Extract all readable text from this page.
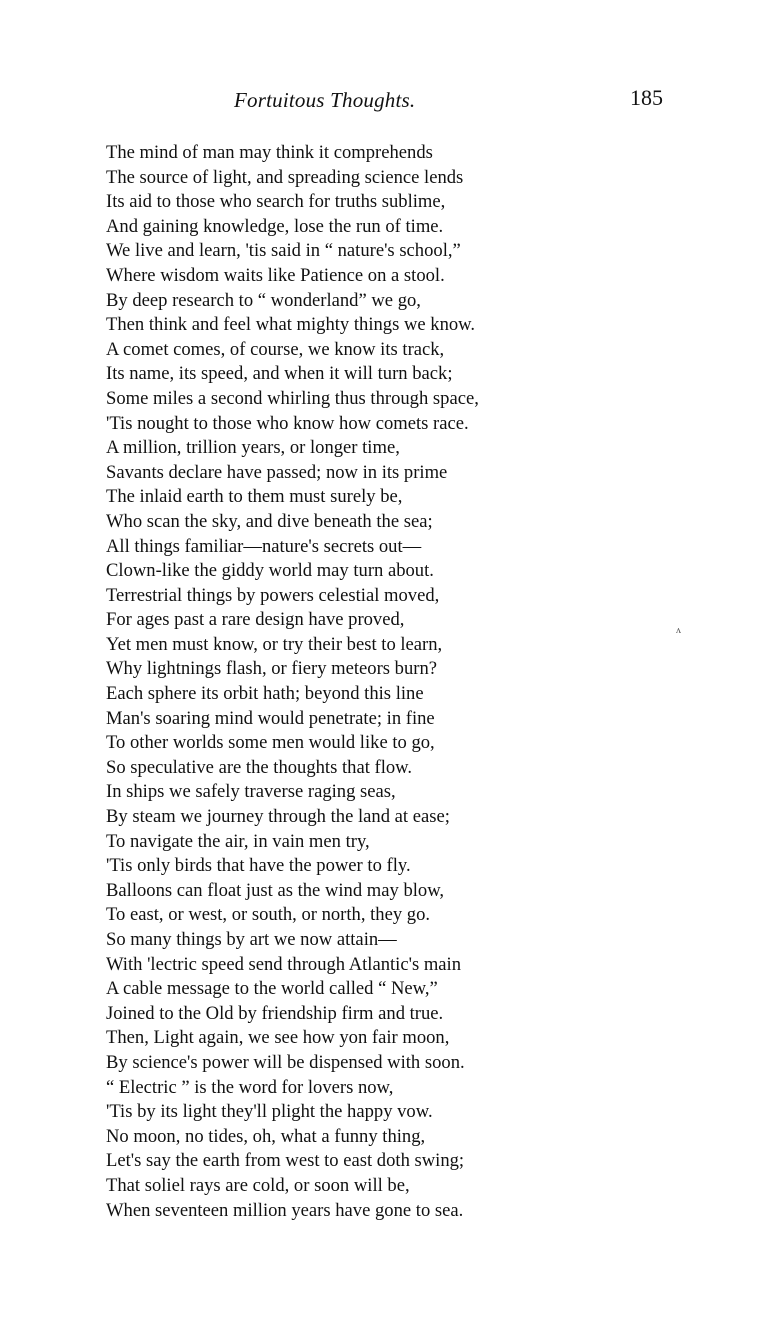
Fortuitous Thoughts.	185
The mind of man may think it comprehends
The source of light, and spreading science lends
Its aid to those who search for truths sublime,
And gaining knowledge, lose the run of time.
We live and learn, 'tis said in “ nature's school,”
Where wisdom waits like Patience on a stool.
By deep research to “ wonderland” we go,
Then think and feel what mighty things we know.
A comet comes, of course, we know its track,
Its name, its speed, and when it will turn back;
Some miles a second whirling thus through space,
'Tis nought to those who know how comets race.
A million, trillion years, or longer time,
Savants declare have passed; now in its prime
The inlaid earth to them must surely be,
Who scan the sky, and dive beneath the sea;
All things familiar—nature's secrets out—
Clown-like the giddy world may turn about.
Terrestrial things by powers celestial moved,
For ages past a rare design have proved,
Yet men must know, or try their best to learn,
Why lightnings flash, or fiery meteors burn?
Each sphere its orbit hath; beyond this line
Man's soaring mind would penetrate; in fine
To other worlds some men would like to go,
So speculative are the thoughts that flow.
In ships we safely traverse raging seas,
By steam we journey through the land at ease;
To navigate the air, in vain men try,
'Tis only birds that have the power to fly.
Balloons can float just as the wind may blow,
To east, or west, or south, or north, they go.
So many things by art we now attain—
With 'lectric speed send through Atlantic's main
A cable message to the world called “ New,”
Joined to the Old by friendship firm and true.
Then, Light again, we see how yon fair moon,
By science's power will be dispensed with soon.
“ Electric ” is the word for lovers now,
'Tis by its light they'll plight the happy vow.
No moon, no tides, oh, what a funny thing,
Let's say the earth from west to east doth swing;
That soliel rays are cold, or soon will be,
When seventeen million years have gone to sea.
ʌ
